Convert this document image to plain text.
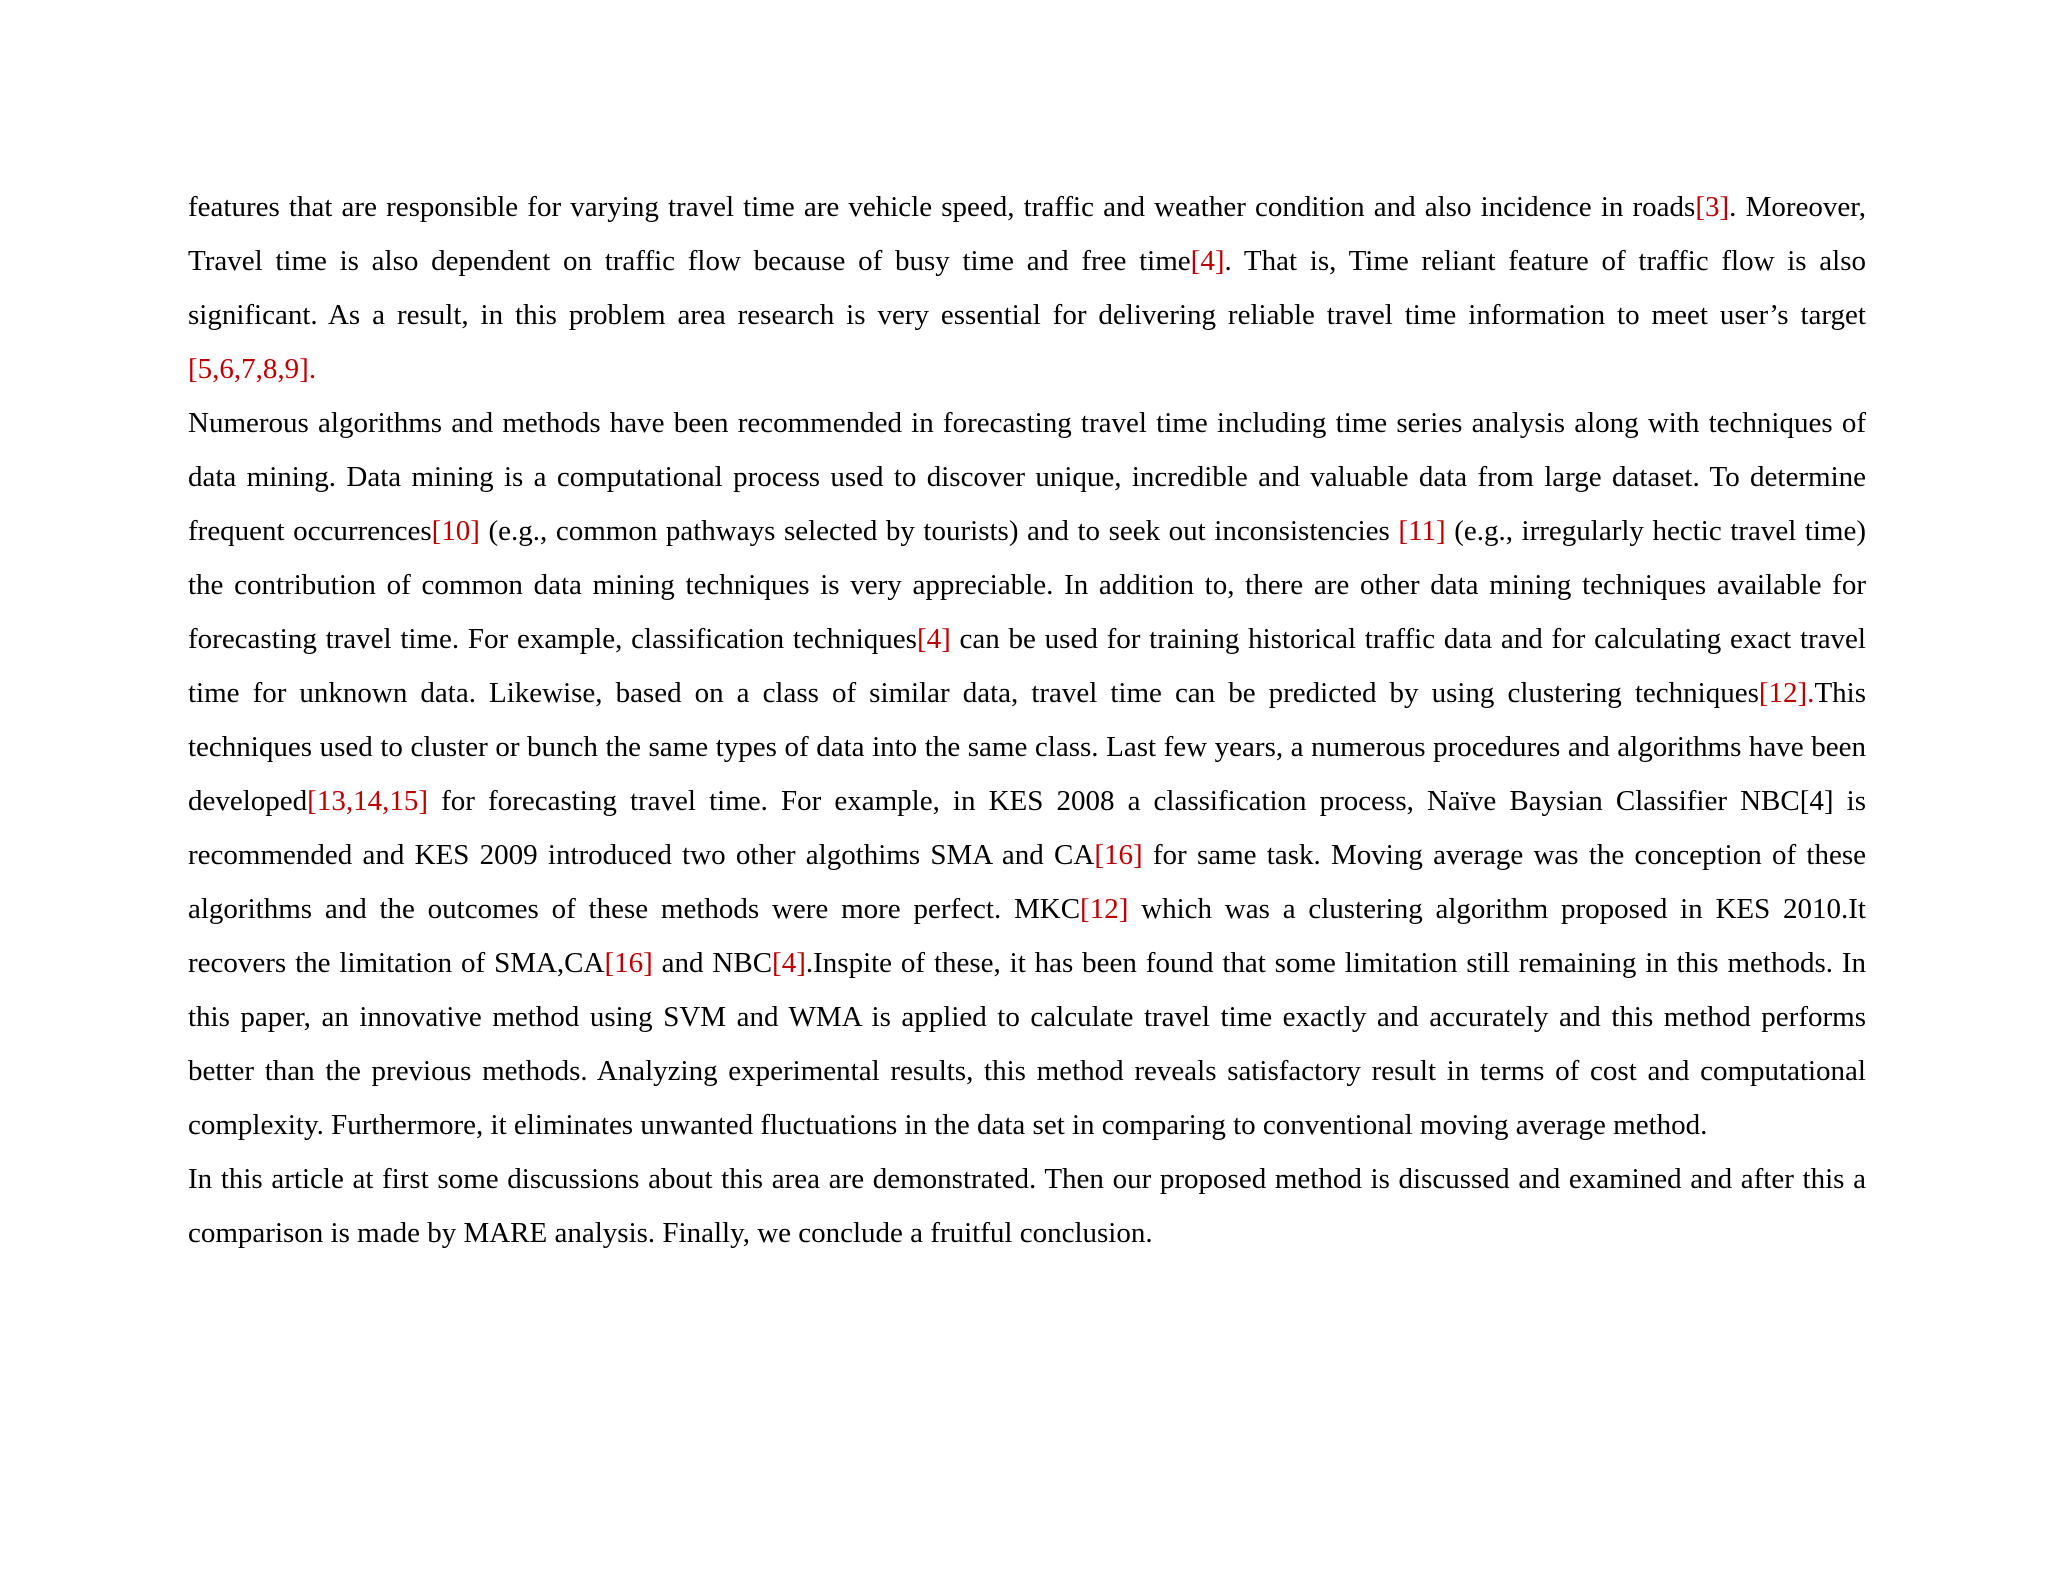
features that are responsible for varying travel time are vehicle speed, traffic and weather condition and also incidence in roads[3]. Moreover, Travel time is also dependent on traffic flow because of busy time and free time[4]. That is, Time reliant feature of traffic flow is also significant. As a result, in this problem area research is very essential for delivering reliable travel time information to meet user’s target [5,6,7,8,9].

Numerous algorithms and methods have been recommended in forecasting travel time including time series analysis along with techniques of data mining. Data mining is a computational process used to discover unique, incredible and valuable data from large dataset. To determine frequent occurrences[10] (e.g., common pathways selected by tourists) and to seek out inconsistencies [11] (e.g., irregularly hectic travel time) the contribution of common data mining techniques is very appreciable. In addition to, there are other data mining techniques available for forecasting travel time. For example, classification techniques[4] can be used for training historical traffic data and for calculating exact travel time for unknown data. Likewise, based on a class of similar data, travel time can be predicted by using clustering techniques[12].This techniques used to cluster or bunch the same types of data into the same class. Last few years, a numerous procedures and algorithms have been developed[13,14,15] for forecasting travel time. For example, in KES 2008 a classification process, Naïve Baysian Classifier NBC[4] is recommended and KES 2009 introduced two other algothims SMA and CA[16] for same task. Moving average was the conception of these algorithms and the outcomes of these methods were more perfect. MKC[12] which was a clustering algorithm proposed in KES 2010.It recovers the limitation of SMA,CA[16] and NBC[4].Inspite of these, it has been found that some limitation still remaining in this methods. In this paper, an innovative method using SVM and WMA is applied to calculate travel time exactly and accurately and this method performs better than the previous methods. Analyzing experimental results, this method reveals satisfactory result in terms of cost and computational complexity. Furthermore, it eliminates unwanted fluctuations in the data set in comparing to conventional moving average method.

In this article at first some discussions about this area are demonstrated. Then our proposed method is discussed and examined and after this a comparison is made by MARE analysis. Finally, we conclude a fruitful conclusion.
